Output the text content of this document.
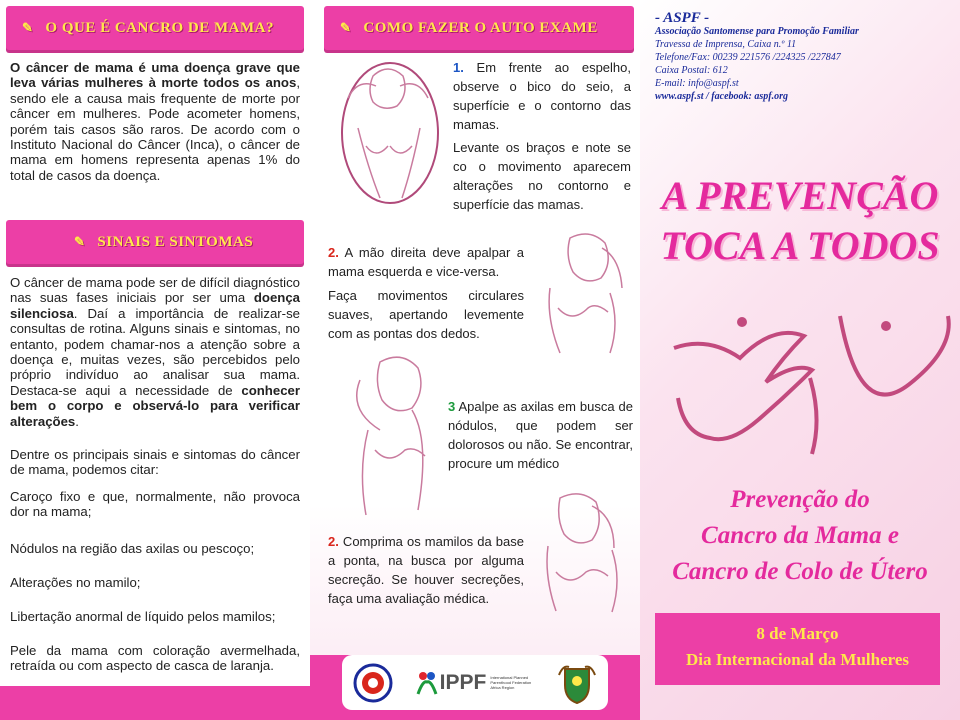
✎ O QUE É CANCRO DE MAMA?

O câncer de mama é uma doença grave que leva várias mulheres à morte todos os anos, sendo ele a causa mais frequente de morte por câncer em mulheres. Pode acometer homens, porém tais casos são raros. De acordo com o Instituto Nacional do Câncer (Inca), o câncer de mama em homens representa apenas 1% do total de casos da doença.

✎ SINAIS E SINTOMAS

O câncer de mama pode ser de difícil diagnóstico nas suas fases iniciais por ser uma doença silenciosa. Daí a importância de realizar-se consultas de rotina. Alguns sinais e sintomas, no entanto, podem chamar-nos a atenção sobre a doença e, muitas vezes, são percebidos pelo próprio indivíduo ao analisar sua mama. Destaca-se aqui a necessidade de conhecer bem o corpo e observá-lo para verificar alterações.

Dentre os principais sinais e sintomas do câncer de mama, podemos citar:

Caroço fixo e que, normalmente, não provoca dor na mama;

Nódulos na região das axilas ou pescoço;

Alterações no mamilo;

Libertação anormal de líquido pelos mamilos;

Pele da mama com coloração avermelhada, retraída ou com aspecto de casca de laranja.

✎ COMO FAZER O AUTO EXAME
1. Em frente ao espelho, observe o bico do seio, a superfície e o contorno das mamas.
Levante os braços e note se co o movimento aparecem alterações no contorno e superfície das mamas.
2. A mão direita deve apalpar a mama esquerda e vice-versa.
Faça movimentos circulares suaves, apertando levemente com as pontas dos dedos.
3 Apalpe as axilas em busca de nódulos, que podem ser dolorosos ou não. Se encontrar, procure um médico
2. Comprima os mamilos da base a ponta, na busca por alguma secreção. Se houver secreções, faça uma avaliação médica.
IPPF International Planned Parenthood Federation
Africa Region
- ASPF -
Associação Santomense para Promoção Familiar
Travessa de Imprensa, Caixa n.º 11
Telefone/Fax: 00239 221576 /224325 /227847
Caixa Postal: 612
E-mail: info@aspf.st
www.aspf.st / facebook: aspf.org
A PREVENÇÃO
TOCA A TODOS
Prevenção do
Cancro da Mama e
Cancro de Colo de Útero
8 de Março
Dia Internacional da Mulheres
